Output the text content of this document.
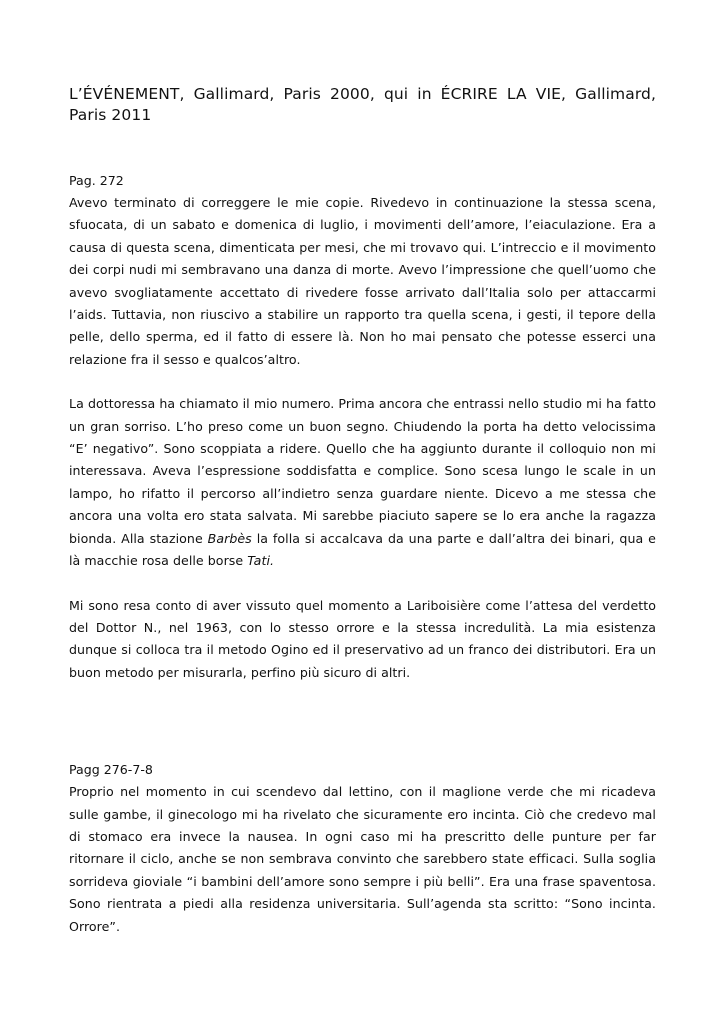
L’ÉVÉNEMENT, Gallimard, Paris 2000, qui in ÉCRIRE LA VIE, Gallimard, Paris 2011

Pag. 272

Avevo terminato di correggere le mie copie. Rivedevo in continuazione la stessa scena, sfuocata, di un sabato e domenica di luglio, i movimenti dell’amore, l’eiaculazione. Era a causa di questa scena, dimenticata per mesi, che mi trovavo qui. L’intreccio e il movimento dei corpi nudi mi sembravano una danza di morte. Avevo l’impressione che quell’uomo che avevo svogliatamente accettato di rivedere fosse arrivato dall’Italia solo per attaccarmi l’aids. Tuttavia, non riuscivo a stabilire un rapporto tra quella scena, i gesti, il tepore della pelle, dello sperma, ed il fatto di essere là. Non ho mai pensato che potesse esserci una relazione fra il sesso e qualcos’altro.

La dottoressa ha chiamato il mio numero. Prima ancora che entrassi nello studio mi ha fatto un gran sorriso. L’ho preso come un buon segno. Chiudendo la porta ha detto velocissima “E’ negativo”. Sono scoppiata a ridere. Quello che ha aggiunto durante il colloquio non mi interessava. Aveva l’espressione soddisfatta e complice. Sono scesa lungo le scale in un lampo, ho rifatto il percorso all’indietro senza guardare niente. Dicevo a me stessa che ancora una volta ero stata salvata. Mi sarebbe piaciuto sapere se lo era anche la ragazza bionda. Alla stazione Barbès la folla si accalcava da una parte e dall’altra dei binari, qua e là macchie rosa delle borse Tati.

Mi sono resa conto di aver vissuto quel momento a Lariboisière come l’attesa del verdetto del Dottor N., nel 1963, con lo stesso orrore e la stessa incredulità. La mia esistenza dunque si colloca tra il metodo Ogino ed il preservativo ad un franco dei distributori. Era un buon metodo per misurarla, perfino più sicuro di altri.

Pagg 276-7-8

Proprio nel momento in cui scendevo dal lettino, con il maglione verde che mi ricadeva sulle gambe, il ginecologo mi ha rivelato che sicuramente ero incinta. Ciò che credevo mal di stomaco era invece la nausea. In ogni caso mi ha prescritto delle punture per far ritornare il ciclo, anche se non sembrava convinto che sarebbero state efficaci. Sulla soglia sorrideva gioviale “i bambini dell’amore sono sempre i più belli”. Era una frase spaventosa. Sono rientrata a piedi alla residenza universitaria. Sull’agenda sta scritto: “Sono incinta. Orrore”.
